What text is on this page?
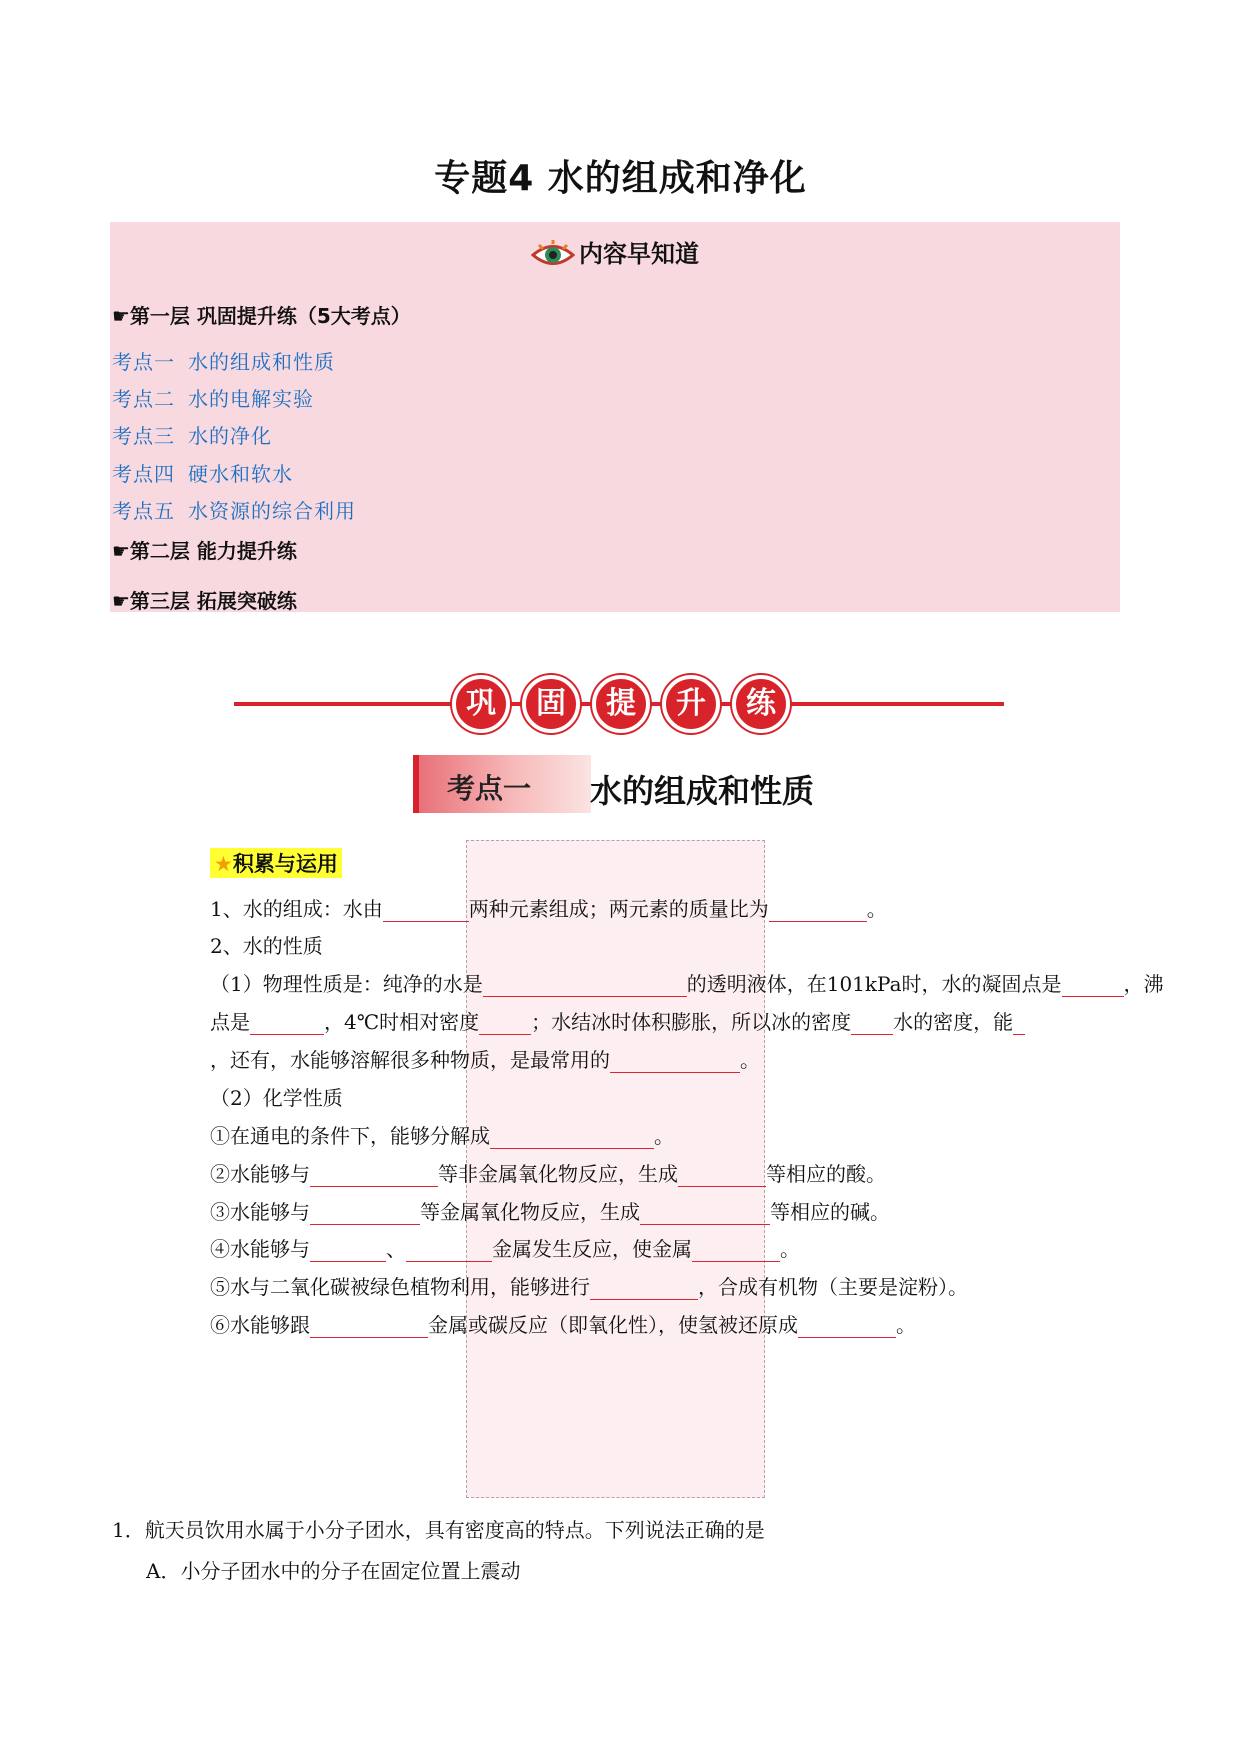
专题4 水的组成和净化
内容早知道
☛第一层 巩固提升练（5大考点）
考点一 水的组成和性质
考点二 水的电解实验
考点三 水的净化
考点四 硬水和软水
考点五 水资源的综合利用
☛第二层 能力提升练
☛第三层 拓展突破练
巩	固	提	升	练
考点一 水的组成和性质
★积累与运用
1、水的组成：水由	两种元素组成；两元素的质量比为	。
2、水的性质
（1）物理性质是：纯净的水是	的透明液体，在101kPa时，水的凝固点是	，沸
点是	，4℃时相对密度	；水结冰时体积膨胀，所以冰的密度 水的密度，能
，还有，水能够溶解很多种物质，是最常用的	。
（2）化学性质
①在通电的条件下，能够分解成	。
②水能够与	等非金属氧化物反应，生成	等相应的酸。
③水能够与	等金属氧化物反应，生成	等相应的碱。
④水能够与	、	金属发生反应，使金属	。
⑤水与二氧化碳被绿色植物利用，能够进行	，合成有机物（主要是淀粉）。
⑥水能够跟	金属或碳反应（即氧化性），使氢被还原成	。
1．航天员饮用水属于小分子团水，具有密度高的特点。下列说法正确的是
A．小分子团水中的分子在固定位置上震动
